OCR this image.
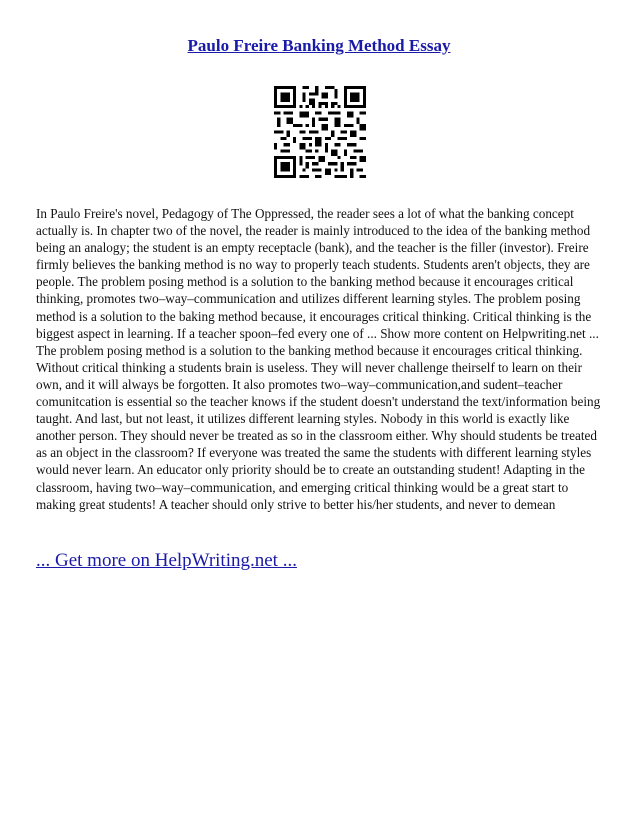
Paulo Freire Banking Method Essay

In Paulo Freire's novel, Pedagogy of The Oppressed, the reader sees a lot of what the banking concept actually is. In chapter two of the novel, the reader is mainly introduced to the idea of the banking method being an analogy; the student is an empty receptacle (bank), and the teacher is the filler (investor). Freire firmly believes the banking method is no way to properly teach students. Students aren't objects, they are people. The problem posing method is a solution to the banking method because it encourages critical thinking, promotes two–way–communication and utilizes different learning styles. The problem posing method is a solution to the baking method because, it encourages critical thinking. Critical thinking is the biggest aspect in learning. If a teacher spoon–fed every one of ... Show more content on Helpwriting.net ...

The problem posing method is a solution to the banking method because it encourages critical thinking. Without critical thinking a students brain is useless. They will never challenge theirself to learn on their own, and it will always be forgotten. It also promotes two–way–communication,and sudent–teacher comunitcation is essential so the teacher knows if the student doesn't understand the text/information being taught. And last, but not least, it utilizes different learning styles. Nobody in this world is exactly like another person. They should never be treated as so in the classroom either. Why should students be treated as an object in the classroom? If everyone was treated the same the students with different learning styles would never learn. An educator only priority should be to create an outstanding student! Adapting in the classroom, having two–way–communication, and emerging critical thinking would be a great start to making great students! A teacher should only strive to better his/her students, and never to demean

... Get more on HelpWriting.net ...
